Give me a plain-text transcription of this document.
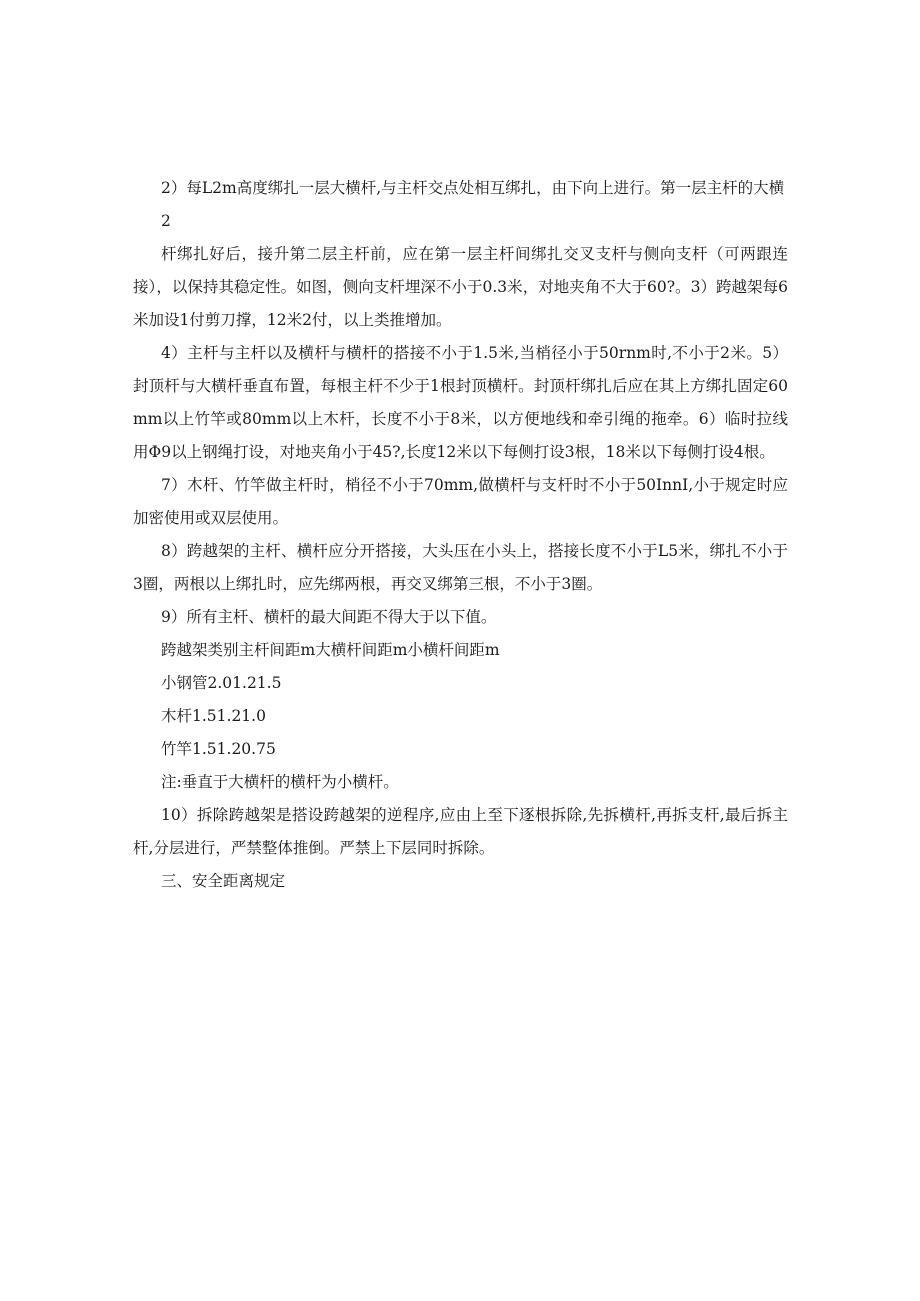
2）每L2m高度绑扎一层大横杆,与主杆交点处相互绑扎，由下向上进行。第一层主杆的大横

2

杆绑扎好后，接升第二层主杆前，应在第一层主杆间绑扎交叉支杆与侧向支杆（可两跟连接），以保持其稳定性。如图，侧向支杆埋深不小于0.3米，对地夹角不大于60?。3）跨越架每6米加设1付剪刀撑，12米2付，以上类推增加。

4）主杆与主杆以及横杆与横杆的搭接不小于1.5米,当梢径小于50rnm时,不小于2米。5）封顶杆与大横杆垂直布置，每根主杆不少于1根封顶横杆。封顶杆绑扎后应在其上方绑扎固定60mm以上竹竿或80mm以上木杆，长度不小于8米，以方便地线和牵引绳的拖牵。6）临时拉线用Φ9以上钢绳打设，对地夹角小于45?,长度12米以下每侧打设3根，18米以下每侧打设4根。

7）木杆、竹竿做主杆时，梢径不小于70mm,做横杆与支杆时不小于50InnI,小于规定时应加密使用或双层使用。

8）跨越架的主杆、横杆应分开搭接，大头压在小头上，搭接长度不小于L5米，绑扎不小于3圈，两根以上绑扎时，应先绑两根，再交叉绑第三根，不小于3圈。

9）所有主杆、横杆的最大间距不得大于以下值。

跨越架类别主杆间距m大横杆间距m小横杆间距m

小钢管2.01.21.5

木杆1.51.21.0

竹竿1.51.20.75

注:垂直于大横杆的横杆为小横杆。

10）拆除跨越架是搭设跨越架的逆程序,应由上至下逐根拆除,先拆横杆,再拆支杆,最后拆主杆,分层进行，严禁整体推倒。严禁上下层同时拆除。

三、安全距离规定
